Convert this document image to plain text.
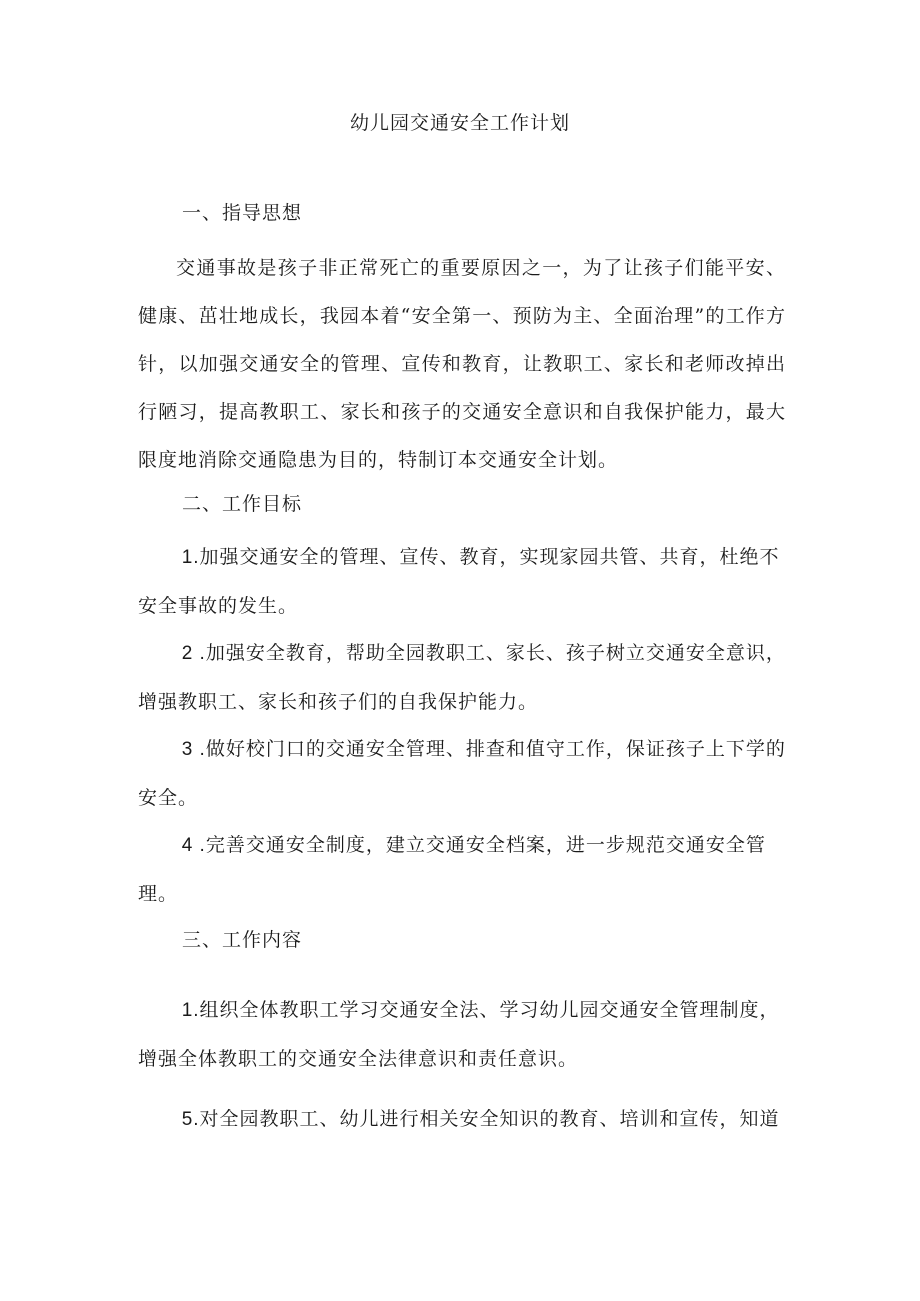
幼儿园交通安全工作计划
一、指导思想
交通事故是孩子非正常死亡的重要原因之一，为了让孩子们能平安、健康、茁壮地成长，我园本着“安全第一、预防为主、全面治理”的工作方针，以加强交通安全的管理、宣传和教育，让教职工、家长和老师改掉出行陋习，提高教职工、家长和孩子的交通安全意识和自我保护能力，最大限度地消除交通隐患为目的，特制订本交通安全计划。
二、工作目标
1.加强交通安全的管理、宣传、教育，实现家园共管、共育，杜绝不安全事故的发生。
2 .加强安全教育，帮助全园教职工、家长、孩子树立交通安全意识，增强教职工、家长和孩子们的自我保护能力。
3 .做好校门口的交通安全管理、排查和值守工作，保证孩子上下学的安全。
4 .完善交通安全制度，建立交通安全档案，进一步规范交通安全管理。
三、工作内容
1.组织全体教职工学习交通安全法、学习幼儿园交通安全管理制度，增强全体教职工的交通安全法律意识和责任意识。
5.对全园教职工、幼儿进行相关安全知识的教育、培训和宣传，知道
